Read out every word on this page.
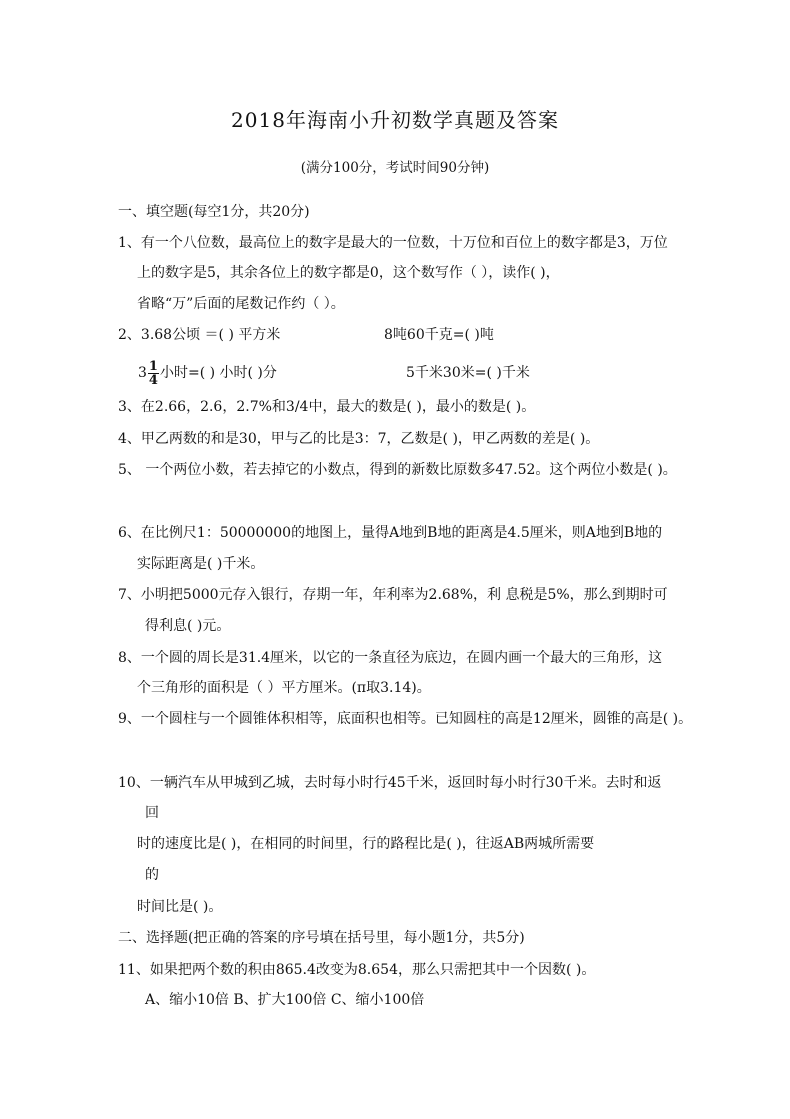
2018年海南小升初数学真题及答案
(满分100分，考试时间90分钟)
一、填空题(每空1分，共20分)
1、有一个八位数，最高位上的数字是最大的一位数，十万位和百位上的数字都是3，万位
上的数字是5，其余各位上的数字都是0，这个数写作（ ），读作( )，
省略“万”后面的尾数记作约（ ）。
2、3.68公顷 ＝( ) 平方米	8吨60千克=( )吨
$3 \frac{1}{4}$ 小时=( ) 小时( )分	5千米30米=( )千米
3、在2.66，2.6，2.7%和3/4中，最大的数是( )，最小的数是( )。
4、甲乙两数的和是30，甲与乙的比是3：7，乙数是( )，甲乙两数的差是( )。
5、 一个两位小数，若去掉它的小数点，得到的新数比原数多47.52。这个两位小数是( )。
6、在比例尺1：50000000的地图上，量得A地到B地的距离是4.5厘米，则A地到B地的
实际距离是( )千米。
7、小明把5000元存入银行，存期一年，年利率为2.68%，利 息税是5%，那么到期时可
得利息( )元。
8、一个圆的周长是31.4厘米，以它的一条直径为底边，在圆内画一个最大的三角形，这
个三角形的面积是（ ）平方厘米。(π取3.14)。
9、一个圆柱与一个圆锥体积相等，底面积也相等。已知圆柱的高是12厘米，圆锥的高是( )。
10、一辆汽车从甲城到乙城，去时每小时行45千米，返回时每小时行30千米。去时和返
回
时的速度比是( )，在相同的时间里，行的路程比是( )，往返AB两城所需要
的
时间比是( )。
二、选择题(把正确的答案的序号填在括号里，每小题1分，共5分)
11、如果把两个数的积由865.4改变为8.654，那么只需把其中一个因数( )。
A、缩小10倍 B、扩大100倍 C、缩小100倍
